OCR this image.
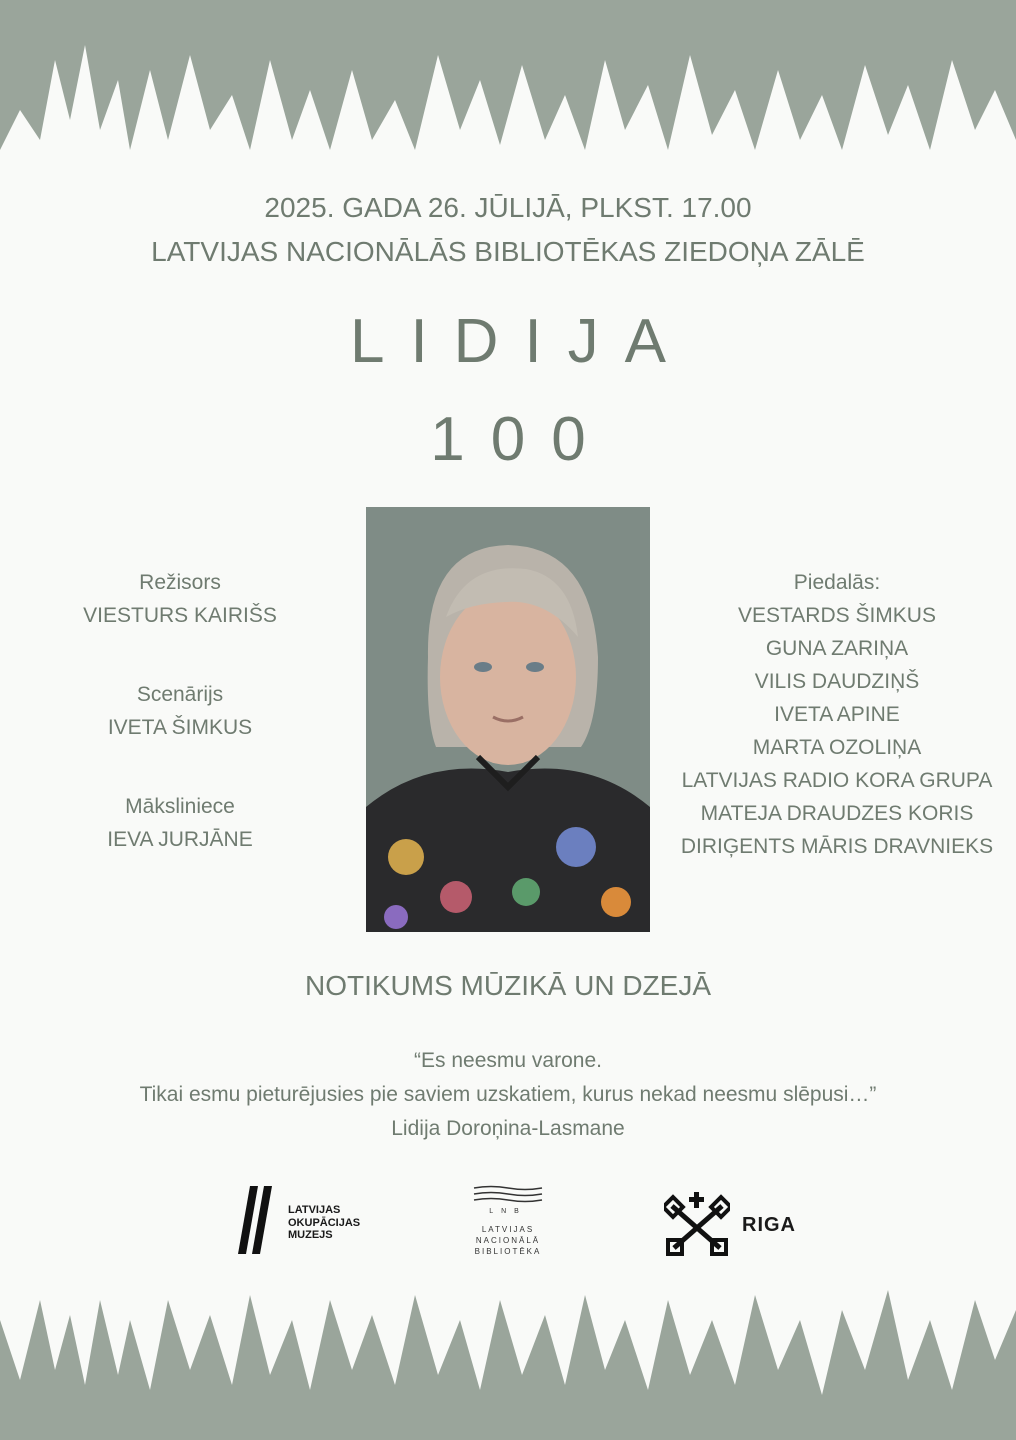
2025. GADA 26. JŪLIJĀ, PLKST. 17.00
LATVIJAS NACIONĀLĀS BIBLIOTĒKAS ZIEDOŅA ZĀLĒ
LIDIJA
100
Režisors
VIESTURS KAIRIŠS
Scenārijs
IVETA ŠIMKUS
Māksliniece
IEVA JURJĀNE
Piedalās:
VESTARDS ŠIMKUS
GUNA ZARIŅA
VILIS DAUDZIŅŠ
IVETA APINE
MARTA OZOLIŅA
LATVIJAS RADIO KORA GRUPA
MATEJA DRAUDZES KORIS
DIRIĢENTS MĀRIS DRAVNIEKS
NOTIKUMS MŪZIKĀ UN DZEJĀ
“Es neesmu varone.
Tikai esmu pieturējusies pie saviem uzskatiem, kurus nekad neesmu slēpusi…”
Lidija Doroņina-Lasmane
LATVIJAS
OKUPĀCIJAS
MUZEJS
LNB
LATVIJAS
NACIONĀLĀ
BIBLIOTĒKA
RIGA
